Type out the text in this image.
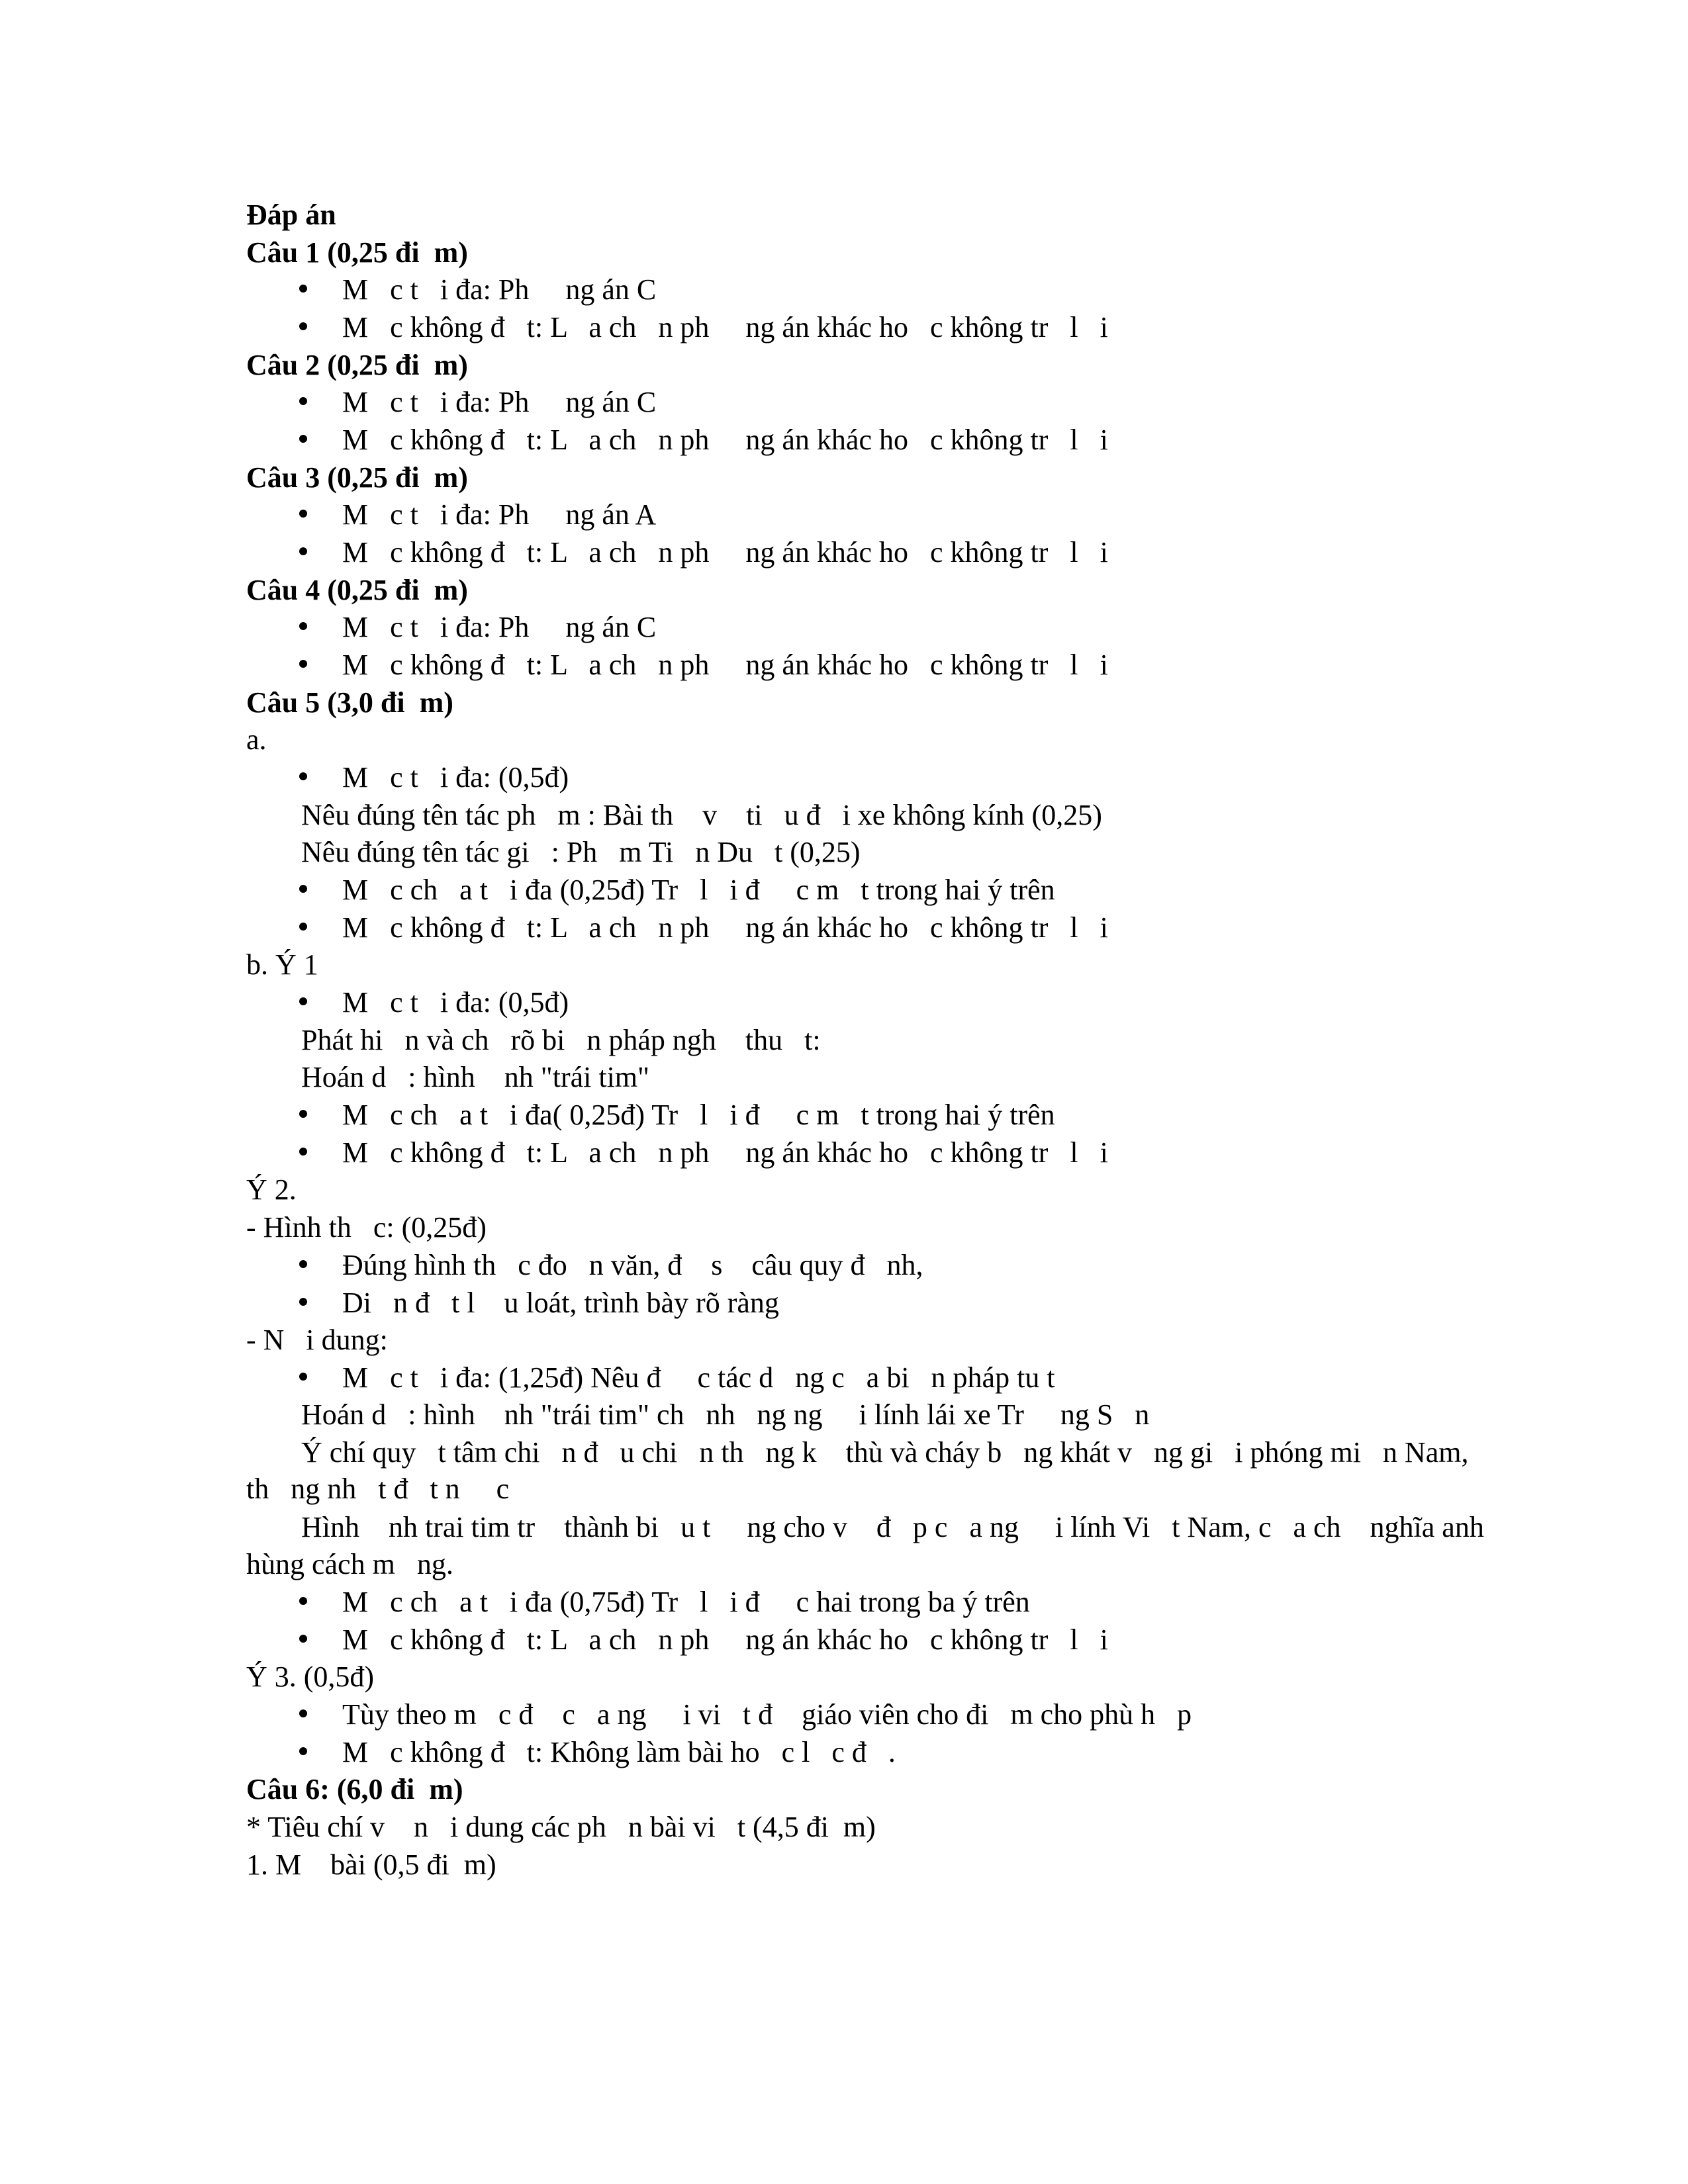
Đáp án
Câu 1 (0,25 đi  m)
M   c t   i đa: Ph     ng án C
M   c không đ   t: L   a ch   n ph     ng án khác ho   c không tr   l   i
Câu 2 (0,25 đi  m)
M   c t   i đa: Ph     ng án C
M   c không đ   t: L   a ch   n ph     ng án khác ho   c không tr   l   i
Câu 3 (0,25 đi  m)
M   c t   i đa: Ph     ng án A
M   c không đ   t: L   a ch   n ph     ng án khác ho   c không tr   l   i
Câu 4 (0,25 đi  m)
M   c t   i đa: Ph     ng án C
M   c không đ   t: L   a ch   n ph     ng án khác ho   c không tr   l   i
Câu 5 (3,0 đi  m)
a.
M   c t   i đa: (0,5đ)
Nêu đúng tên tác ph   m : Bài th    v    ti   u đ   i xe không kính (0,25)
Nêu đúng tên tác gi   : Ph   m Ti   n Du   t (0,25)
M   c ch   a t   i đa (0,25đ) Tr   l   i đ     c m   t trong hai ý trên
M   c không đ   t: L   a ch   n ph     ng án khác ho   c không tr   l   i
b. Ý 1
M   c t   i đa: (0,5đ)
Phát hi   n và ch   rõ bi   n pháp ngh    thu   t:
Hoán d   : hình    nh "trái tim"
M   c ch   a t   i đa( 0,25đ) Tr   l   i đ     c m   t trong hai ý trên
M   c không đ   t: L   a ch   n ph     ng án khác ho   c không tr   l   i
Ý 2.
- Hình th   c: (0,25đ)
Đúng hình th   c đo   n văn, đ    s    câu quy đ   nh,
Di   n đ   t l    u loát, trình bày rõ ràng
- N   i dung:
M   c t   i đa: (1,25đ) Nêu đ     c tác d   ng c   a bi   n pháp tu t
Hoán d   : hình    nh "trái tim" ch   nh   ng ng     i lính lái xe Tr     ng S   n
Ý chí quy   t tâm chi   n đ   u chi   n th   ng k    thù và cháy b   ng khát v   ng gi   i phóng mi   n Nam,
th   ng nh   t đ   t n     c
Hình    nh trai tim tr    thành bi   u t     ng cho v    đ   p c   a ng     i lính Vi   t Nam, c   a ch    nghĩa anh
hùng cách m   ng.
M   c ch   a t   i đa (0,75đ) Tr   l   i đ     c hai trong ba ý trên
M   c không đ   t: L   a ch   n ph     ng án khác ho   c không tr   l   i
Ý 3. (0,5đ)
Tùy theo m   c đ    c   a ng     i vi   t đ    giáo viên cho đi   m cho phù h   p
M   c không đ   t: Không làm bài ho   c l   c đ   .
Câu 6: (6,0 đi  m)
* Tiêu chí v    n   i dung các ph   n bài vi   t (4,5 đi  m)
1. M    bài (0,5 đi  m)
